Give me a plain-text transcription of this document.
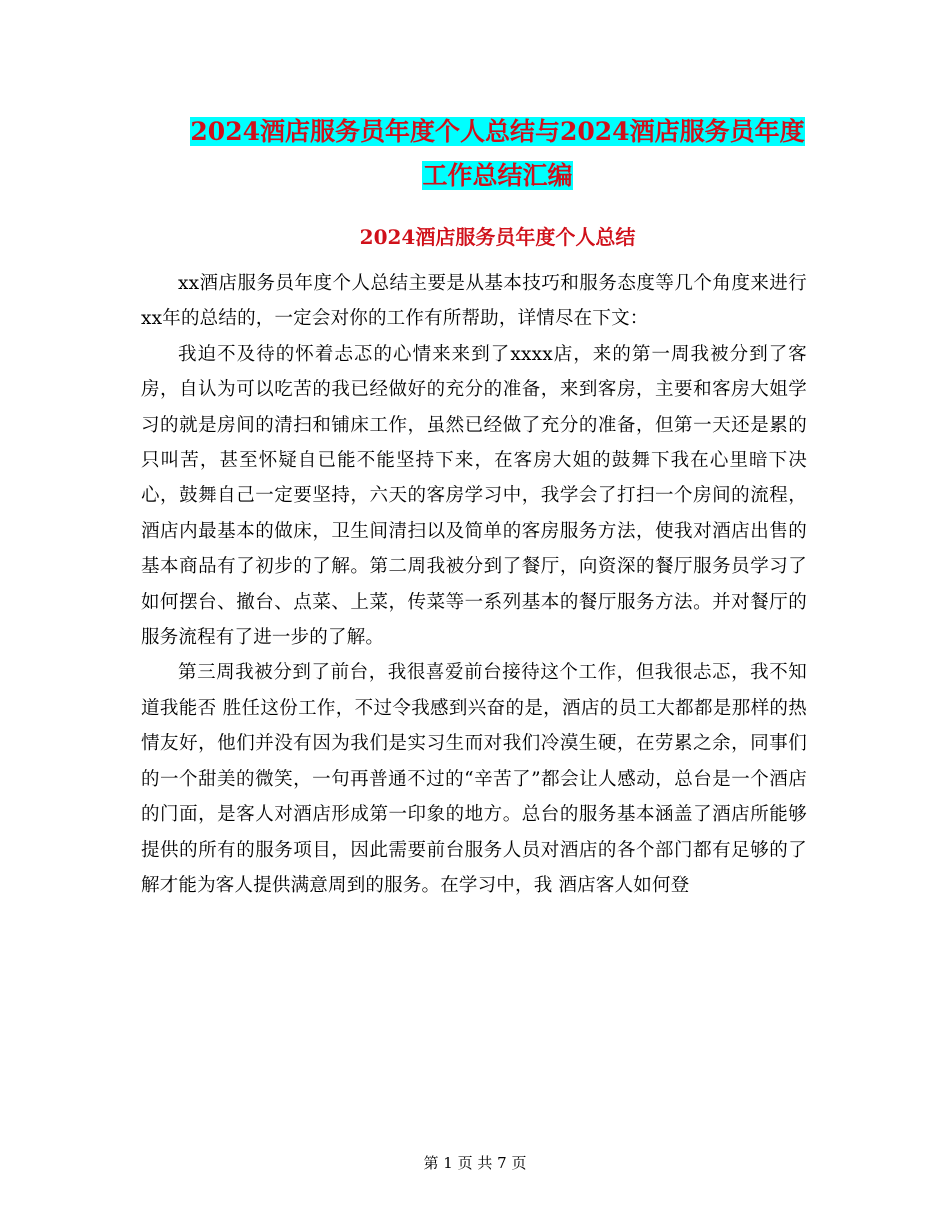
2024酒店服务员年度个人总结与2024酒店服务员年度
工作总结汇编
2024酒店服务员年度个人总结

xx酒店服务员年度个人总结主要是从基本技巧和服务态度等几个角度来进行xx年的总结的，一定会对你的工作有所帮助，详情尽在下文：

我迫不及待的怀着忐忑的心情来来到了xxxx店，来的第一周我被分到了客房，自认为可以吃苦的我已经做好的充分的准备，来到客房，主要和客房大姐学习的就是房间的清扫和铺床工作，虽然已经做了充分的准备，但第一天还是累的只叫苦，甚至怀疑自已能不能坚持下来，在客房大姐的鼓舞下我在心里暗下决心，鼓舞自己一定要坚持，六天的客房学习中，我学会了打扫一个房间的流程，酒店内最基本的做床，卫生间清扫以及简单的客房服务方法，使我对酒店出售的基本商品有了初步的了解。第二周我被分到了餐厅，向资深的餐厅服务员学习了如何摆台、撤台、点菜、上菜，传菜等一系列基本的餐厅服务方法。并对餐厅的服务流程有了进一步的了解。

第三周我被分到了前台，我很喜爱前台接待这个工作，但我很忐忑，我不知道我能否 胜任这份工作，不过令我感到兴奋的是，酒店的员工大都都是那样的热情友好，他们并没有因为我们是实习生而对我们冷漠生硬，在劳累之余，同事们的一个甜美的微笑，一句再普通不过的“辛苦了”都会让人感动，总台是一个酒店的门面，是客人对酒店形成第一印象的地方。总台的服务基本涵盖了酒店所能够提供的所有的服务项目，因此需要前台服务人员对酒店的各个部门都有足够的了解才能为客人提供满意周到的服务。在学习中，我 酒店客人如何登

第 1 页 共 7 页
